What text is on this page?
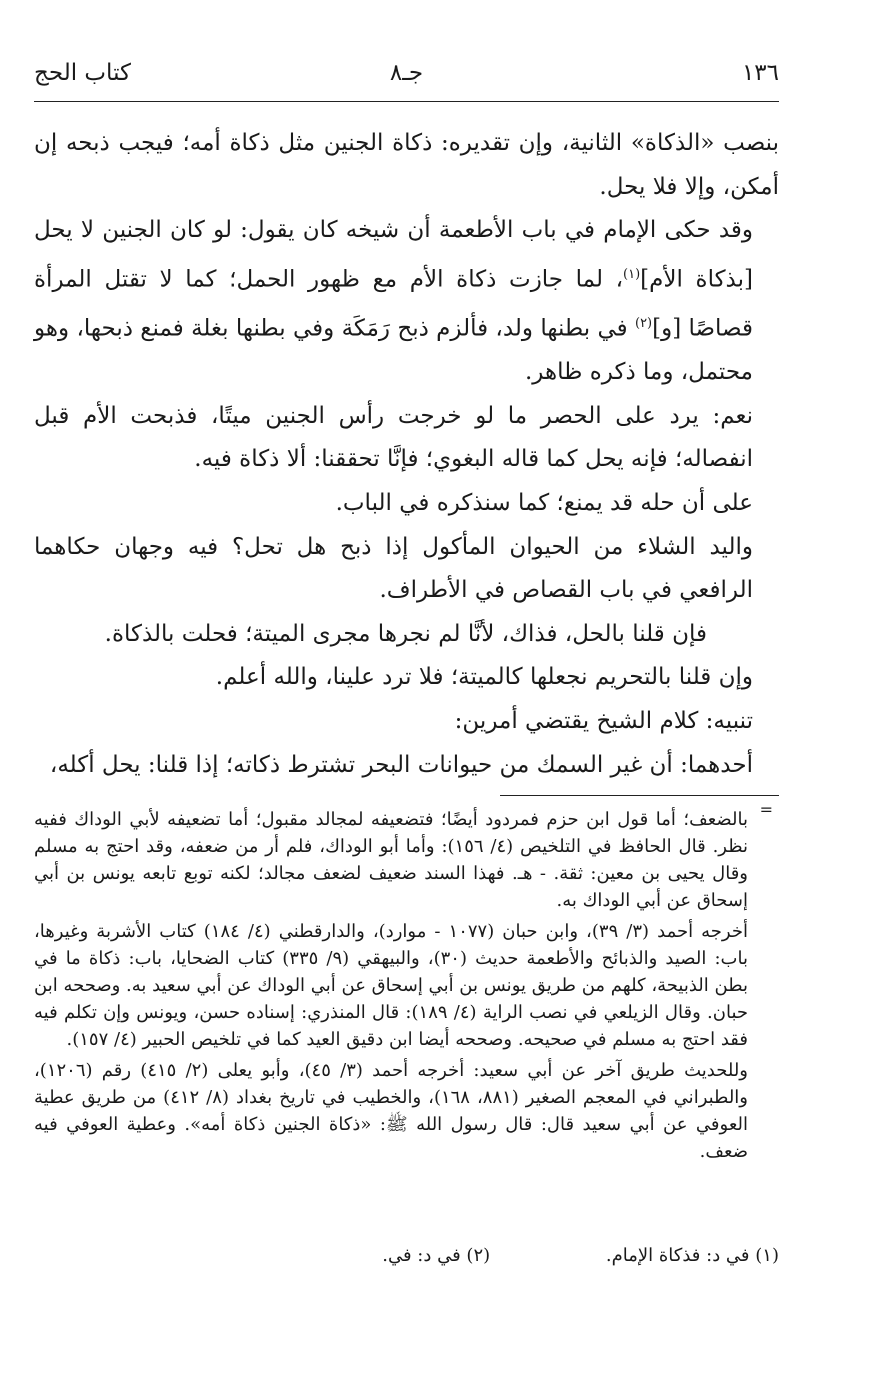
١٣٦
جـ٨
كتاب الحج

بنصب «الذكاة» الثانية، وإن تقديره: ذكاة الجنين مثل ذكاة أمه؛ فيجب ذبحه إن أمكن، وإلا فلا يحل.

وقد حكى الإمام في باب الأطعمة أن شيخه كان يقول: لو كان الجنين لا يحل [بذكاة الأم]$^{(١)}$، لما جازت ذكاة الأم مع ظهور الحمل؛ كما لا تقتل المرأة قصاصًا [و]$^{(٢)}$ في بطنها ولد، فألزم ذبح رَمَكَة وفي بطنها بغلة فمنع ذبحها، وهو محتمل، وما ذكره ظاهر.

نعم: يرد على الحصر ما لو خرجت رأس الجنين ميتًا، فذبحت الأم قبل انفصاله؛ فإنه يحل كما قاله البغوي؛ فإنَّا تحققنا: ألا ذكاة فيه.

على أن حله قد يمنع؛ كما سنذكره في الباب.

واليد الشلاء من الحيوان المأكول إذا ذبح هل تحل؟ فيه وجهان حكاهما الرافعي في باب القصاص في الأطراف.

فإن قلنا بالحل، فذاك، لأنَّا لم نجرها مجرى الميتة؛ فحلت بالذكاة.

وإن قلنا بالتحريم نجعلها كالميتة؛ فلا ترد علينا، والله أعلم.

تنبيه: كلام الشيخ يقتضي أمرين:

أحدهما: أن غير السمك من حيوانات البحر تشترط ذكاته؛ إذا قلنا: يحل أكله،

=

بالضعف؛ أما قول ابن حزم فمردود أيضًا؛ فتضعيفه لمجالد مقبول؛ أما تضعيفه لأبي الوداك ففيه نظر. قال الحافظ في التلخيص (٤/ ١٥٦): وأما أبو الوداك، فلم أر من ضعفه، وقد احتج به مسلم وقال يحيى بن معين: ثقة. - هـ. فهذا السند ضعيف لضعف مجالد؛ لكنه توبع تابعه يونس بن أبي إسحاق عن أبي الوداك به.

أخرجه أحمد (٣/ ٣٩)، وابن حبان (١٠٧٧ - موارد)، والدارقطني (٤/ ١٨٤) كتاب الأشربة وغيرها، باب: الصيد والذبائح والأطعمة حديث (٣٠)، والبيهقي (٩/ ٣٣٥) كتاب الضحايا، باب: ذكاة ما في بطن الذبيحة، كلهم من طريق يونس بن أبي إسحاق عن أبي الوداك عن أبي سعيد به. وصححه ابن حبان. وقال الزيلعي في نصب الراية (٤/ ١٨٩): قال المنذري: إسناده حسن، ويونس وإن تكلم فيه فقد احتج به مسلم في صحيحه. وصححه أيضا ابن دقيق العيد كما في تلخيص الحبير (٤/ ١٥٧).

وللحديث طريق آخر عن أبي سعيد: أخرجه أحمد (٣/ ٤٥)، وأبو يعلى (٢/ ٤١٥) رقم (١٢٠٦)، والطبراني في المعجم الصغير (٨٨١، ١٦٨)، والخطيب في تاريخ بغداد (٨/ ٤١٢) من طريق عطية العوفي عن أبي سعيد قال: قال رسول الله ﷺ: «ذكاة الجنين ذكاة أمه». وعطية العوفي فيه ضعف.

(١) في د: فذكاة الإمام. (٢) في د: في.
